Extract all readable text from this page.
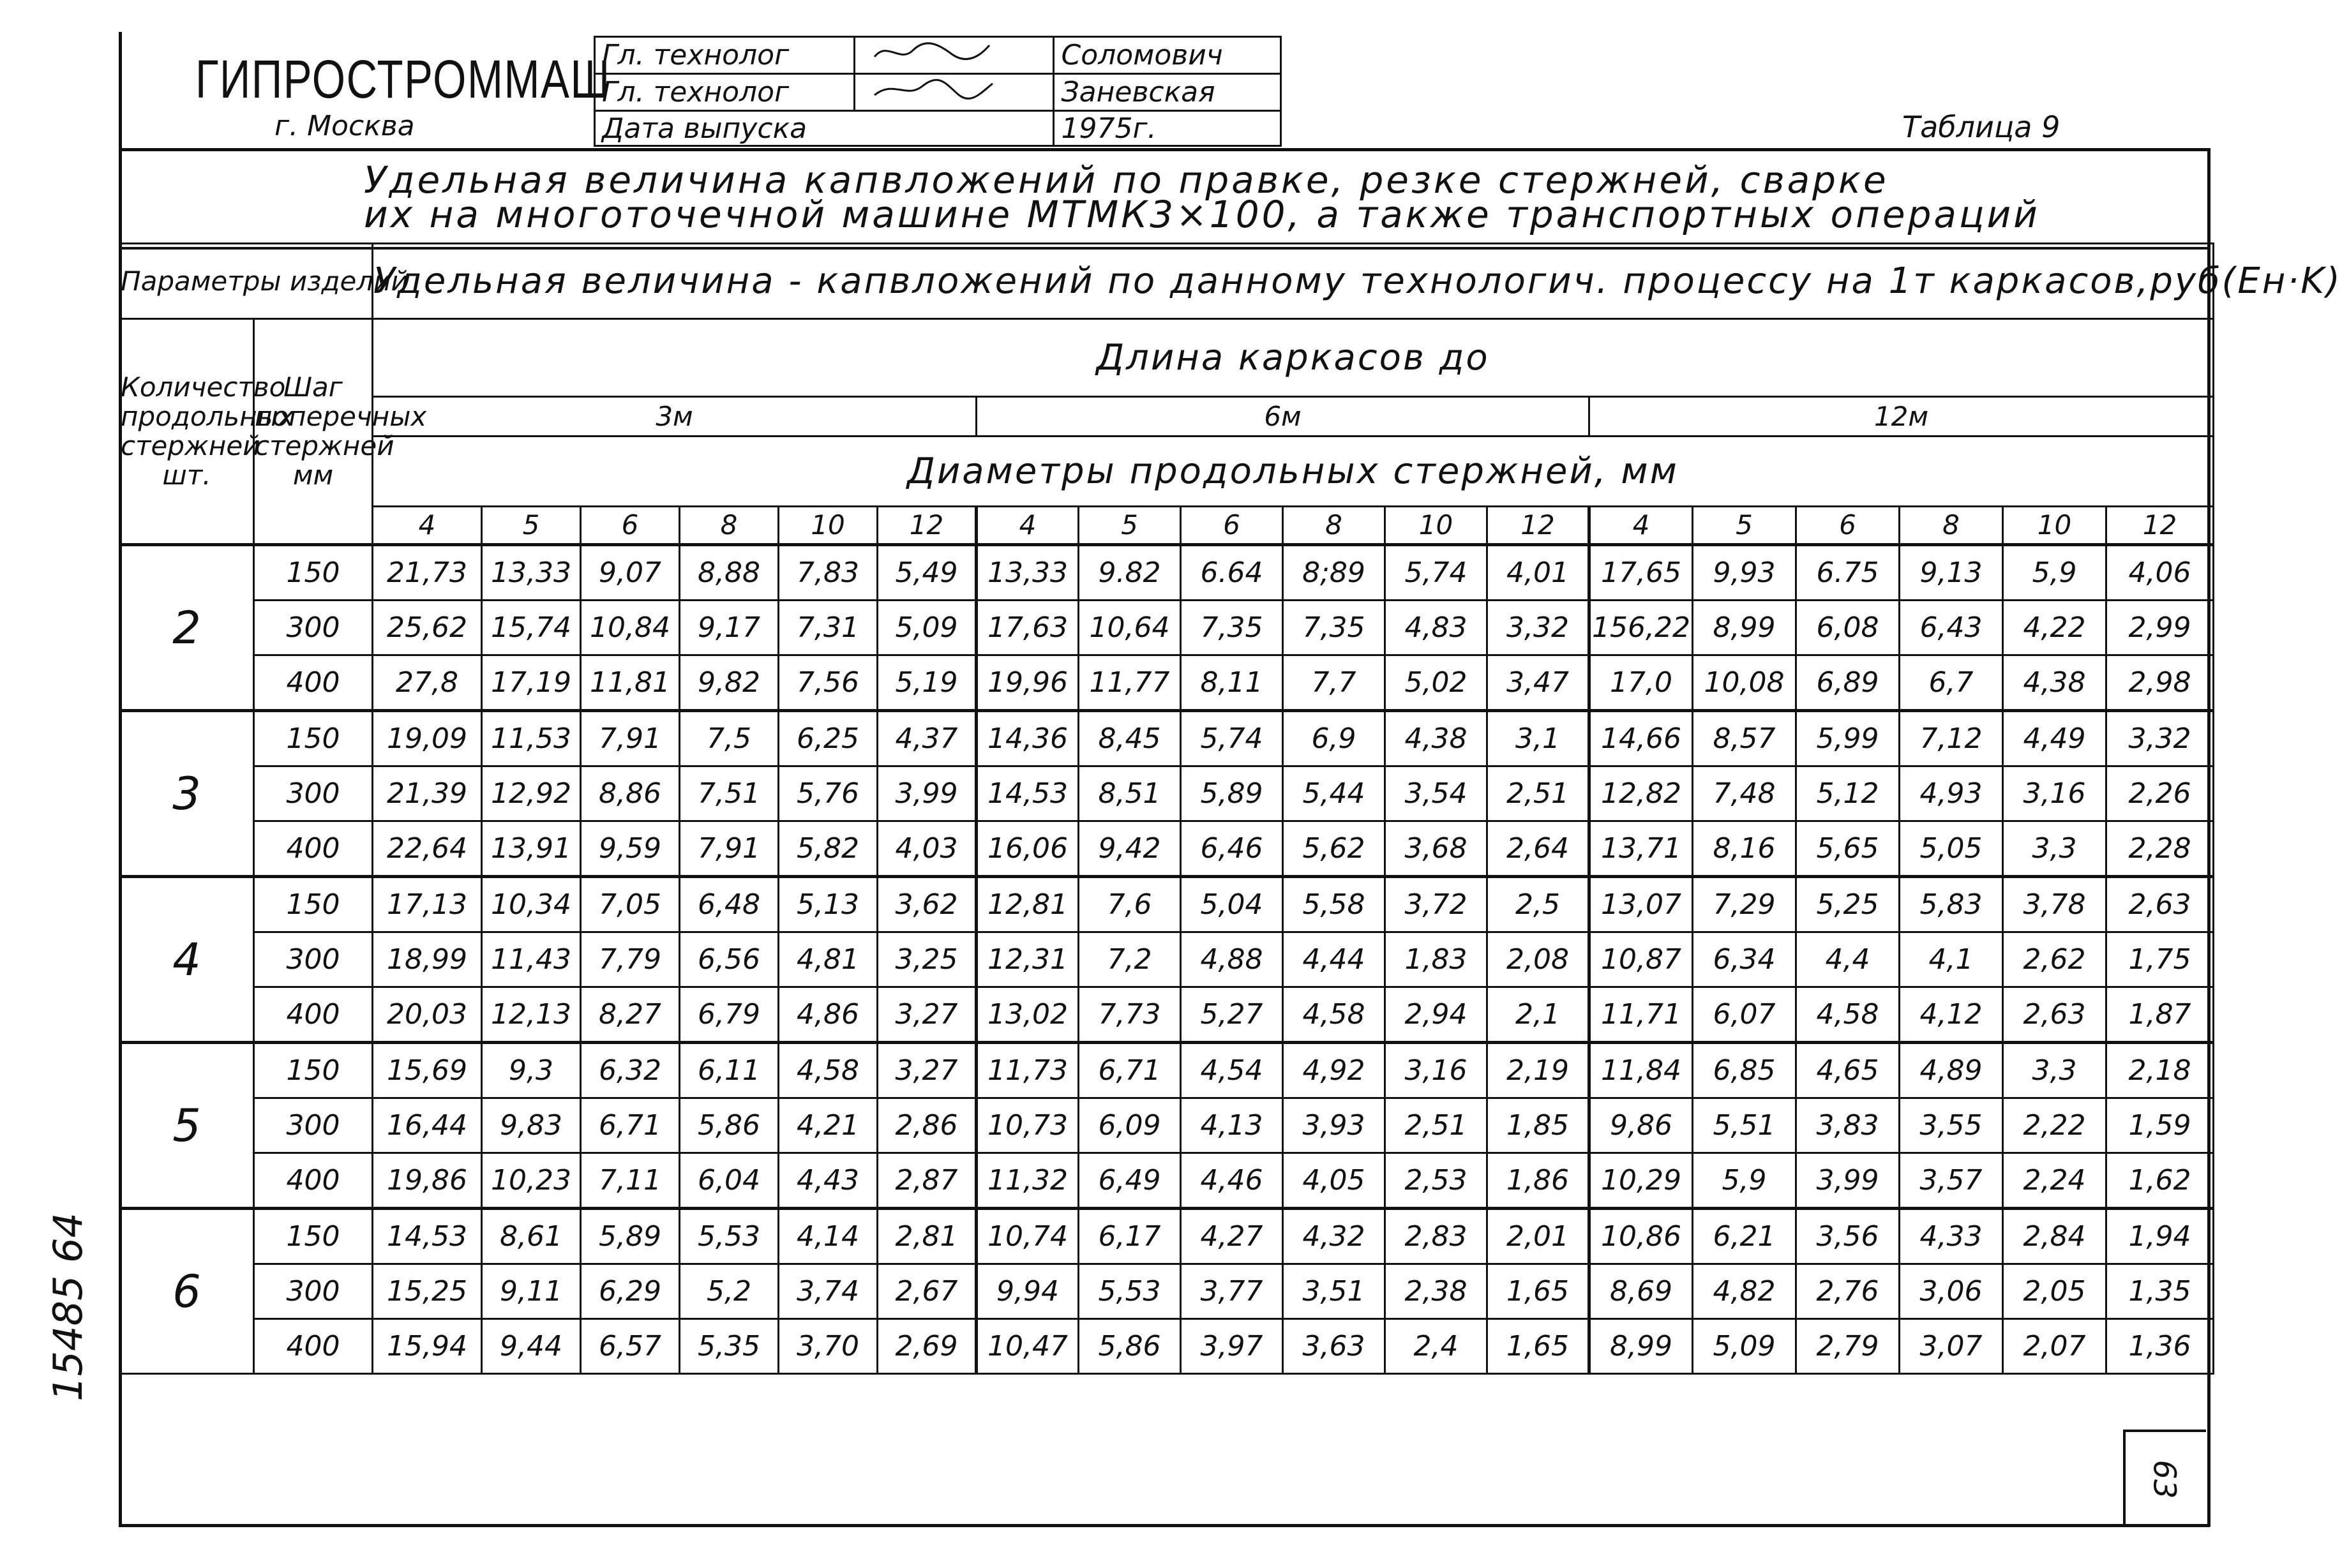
ГИПРОСТРОММАШ
г. Москва
Гл. технолог		Соломович
Гл. технолог		Заневская
Дата выпуска		1975г.	Таблица 9
Удельная величина капвложений по правке, резке стержней, сварке
их на многоточечной машине МТМК3×100, а также транспортных операций
Параметры изделий		Удельная величина - капвложений по данному технологич. процессу на 1т каркасов,руб(Eн·K)																	
Количество продольных стержней шт.	Шаг поперечных стержней мм	Длина каркасов до																	
		3м						6м						12м					
		Диаметры продольных стержней, мм																	
		4	5	6	8	10	12	4	5	6	8	10	12	4	5	6	8	10	12
2	150	21,73	13,33	9,07	8,88	7,83	5,49	13,33	9.82	6.64	8;89	5,74	4,01	17,65	9,93	6.75	9,13	5,9	4,06
	300	25,62	15,74	10,84	9,17	7,31	5,09	17,63	10,64	7,35	7,35	4,83	3,32	156,22	8,99	6,08	6,43	4,22	2,99
	400	27,8	17,19	11,81	9,82	7,56	5,19	19,96	11,77	8,11	7,7	5,02	3,47	17,0	10,08	6,89	6,7	4,38	2,98
3	150	19,09	11,53	7,91	7,5	6,25	4,37	14,36	8,45	5,74	6,9	4,38	3,1	14,66	8,57	5,99	7,12	4,49	3,32
	300	21,39	12,92	8,86	7,51	5,76	3,99	14,53	8,51	5,89	5,44	3,54	2,51	12,82	7,48	5,12	4,93	3,16	2,26
	400	22,64	13,91	9,59	7,91	5,82	4,03	16,06	9,42	6,46	5,62	3,68	2,64	13,71	8,16	5,65	5,05	3,3	2,28
4	150	17,13	10,34	7,05	6,48	5,13	3,62	12,81	7,6	5,04	5,58	3,72	2,5	13,07	7,29	5,25	5,83	3,78	2,63
	300	18,99	11,43	7,79	6,56	4,81	3,25	12,31	7,2	4,88	4,44	1,83	2,08	10,87	6,34	4,4	4,1	2,62	1,75
	400	20,03	12,13	8,27	6,79	4,86	3,27	13,02	7,73	5,27	4,58	2,94	2,1	11,71	6,07	4,58	4,12	2,63	1,87
5	150	15,69	9,3	6,32	6,11	4,58	3,27	11,73	6,71	4,54	4,92	3,16	2,19	11,84	6,85	4,65	4,89	3,3	2,18
	300	16,44	9,83	6,71	5,86	4,21	2,86	10,73	6,09	4,13	3,93	2,51	1,85	9,86	5,51	3,83	3,55	2,22	1,59
	400	19,86	10,23	7,11	6,04	4,43	2,87	11,32	6,49	4,46	4,05	2,53	1,86	10,29	5,9	3,99	3,57	2,24	1,62
6	150	14,53	8,61	5,89	5,53	4,14	2,81	10,74	6,17	4,27	4,32	2,83	2,01	10,86	6,21	3,56	4,33	2,84	1,94
	300	15,25	9,11	6,29	5,2	3,74	2,67	9,94	5,53	3,77	3,51	2,38	1,65	8,69	4,82	2,76	3,06	2,05	1,35
	400	15,94	9,44	6,57	5,35	3,70	2,69	10,47	5,86	3,97	3,63	2,4	1,65	8,99	5,09	2,79	3,07	2,07	1,36
15485 64
63
